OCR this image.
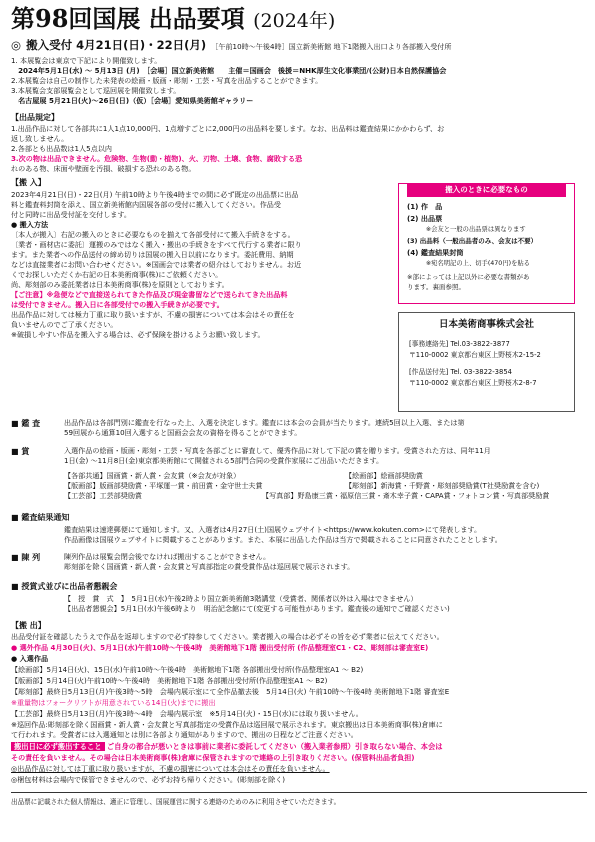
第98回国展 出品要項 (2024年)
◎ 搬入受付 4月21日(日)・22日(月) ［午前10時～午後4時］国立新美術館 地下1階搬入出口より各部搬入受付所
1. 本展覧会は東京で下記により開催致します。
　2024年5月1日(水) ～ 5月13日 (月)　［会場］国立新美術館　　主催＝国画会　後援＝NHK厚生文化事業団/(公財)日本自然保護協会
2.本展覧会は自己の制作した未発表の絵画・版画・彫刻・工芸・写真を出品することができます。
3.本展覧会支部展覧会として巡回展を開催致します。
　名古屋展 5月21日(火)～26日(日)（仮）［会場］愛知県美術館ギャラリー
【出品規定】
1.出品作品に対して各部共に1人1点10,000円、1点増すごとに2,000円の出品料を要します。なお、出品料は鑑査結果にかかわらず、お
返し致しません。
2.各部とも出品数は1人5点以内
3.次の物は出品できません。危険物、生物(動・植物)、火、刃物、土壌、食物、腐敗する恐
れのある物、床面や壁面を汚損、破損する恐れのある物。
【搬 入】
2023年4月21日(日)・22日(月) 午前10時より午後4時までの間に必ず既定の出品票に出品
料と鑑査料封筒を添え、国立新美術館内国展各部の受付に搬入してください。作品受
付と同時に出品受付証を交付します。
● 搬入方法
〔本人が搬入〕右記の搬入のときに必要なものを揃えて各部受付にて搬入手続きをする。
〔業者・画材店に委託〕運搬のみではなく搬入・搬出の手続きをすべて代行する業者に限り
ます。また業者への作品送付の締め切りは国展の搬入日以前になります。委託費用、納期
などは直接業者にお問い合わせください。※国画会では業者の紹介はしておりません。お近
くでお探しいただくか右記の日本美術商事(株)にご依頼ください。
尚、彫刻部のみ委託業者は日本美術商事(株)を原則としております。
【ご注意】※急便などで直接送られてきた作品及び現金書留などで送られてきた出品料
は受付できません。搬入日に各部受付での搬入手続きが必要です。
出品作品に対しては極力丁重に取り扱いますが、不慮の損害については本会はその責任を
負いませんのでご了承ください。
※破損しやすい作品を搬入する場合は、必ず保険を掛けるようお願い致します。
搬入のときに必要なもの
(1) 作　品
(2) 出品票
　　　※会友と一般の出品票は異なります
(3) 出品料（一般出品者のみ、会友は不要）
(4) 鑑査結果封筒
　　　※宛名明記の上、切手(470円)を貼る
※部によっては上記以外に必要な書類があ
ります。裏面参照。
日本美術商事株式会社
[事務連絡先] Tel.03-3822-3877
〒110-0002 東京都台東区上野桜木2-15-2
[作品送付先] Tel. 03-3822-3854
〒110-0002 東京都台東区上野桜木2-8-7
■ 鑑 査	出品作品は各部門別に鑑査を行なった上、入選を決定します。鑑査には本会の会員が当たります。連続5回以上入選、または第
59回展から通算10回入選すると国画会会友の資格を得ることができます。
■ 賞	入選作品の絵画・版画・彫刻・工芸・写真を各部ごとに審査して、優秀作品に対して下記の賞を贈ります。受賞された方は、同年11月
1日(金) ～11月8日(金)東京都美術館にて開催される5部門合同の受賞作家展にご出品いただきます。
【各部共通】国画賞・新人賞・会友賞（※会友が対象）	【絵画部】絵画部奨励賞
【版画部】版画部奨励賞・平塚運一賞・前田賞・金守世士夫賞	【彫刻部】新海賞・千野賞・彫刻部奨励賞(T社奨励賞を含む)
【工芸部】工芸部奨励賞	【写真部】野島康三賞・福原信三賞・斎木幸子賞・CAPA賞・フォトコン賞・写真部奨励賞
■ 鑑査結果通知
鑑査結果は速達郵便にて通知します。又、入選者は4月27日(土)国展ウェブサイト<https://www.kokuten.com>にて発表します。
作品画像は国展ウェブサイトに掲載することがあります。また、本展に出品した作品は当方で掲載されることに同意されたこととします。
■ 陳 列	陳列作品は展覧会閉会後でなければ搬出することができません。
彫刻部を除く国画賞・新人賞・会友賞と写真部指定の賞受賞作品は巡回展で展示されます。
■ 授賞式並びに出品者懇親会
【　授　賞　式　】　5月1日(水)午後2時より国立新美術館3階講堂（受賞者、関係者以外は入場はできません）
【出品者懇親会】5月1日(水)午後6時より　明治記念館にて(変更する可能性があります。鑑査後の通知でご確認ください)
【搬 出】
出品受付証を確認したうえで作品を返却しますので必ず持参してください。業者搬入の場合は必ずその旨を必ず業者に伝えてください。
● 選外作品 4月30日(火)、5月1日(水)午前10時～午後4時　美術館地下1階 搬出受付所 (作品整理室C1・C2、彫刻部は審査室E)
● 入選作品
【絵画部】5月14日(火)、15日(水)午前10時～午後4時　美術館地下1階 各部搬出受付所(作品整理室A1 ～ B2)
【版画部】5月14日(火)午前10時～午後4時　美術館地下1階 各部搬出受付所(作品整理室A1 ～ B2)
【彫刻部】最終日5月13日(月)午後3時～5時　会場内展示室にて全作品撤去後　5月14日(火) 午前10時～午後4時 美術館地下1階 審査室E
※重量物はフォークリフトが用意されている14日(火)までに搬出
【工芸部】最終日5月13日(月)午後3時～4時　会場内展示室　※5月14日(火)・15日(水)には取り扱いません。
※巡回作品:彫刻部を除く国画賞・新人賞・会友賞と写真部指定の受賞作品は巡回展で展示されます。東京搬出は日本美術商事(株)倉庫に
て行われます。受賞者には入選通知とは別に各部より通知がありますので、搬出の日程などご注意ください。
搬出日に必ず搬出すること ご自身の都合が悪いときは事前に業者に委託してください（搬入業者参照）引き取らない場合、本会は
その責任を負いません。その場合は日本美術商事(株)倉庫に保管されますので連絡の上引き取りください。(保管料出品者負担)
◎出品作品に対しては丁重に取り扱いますが、不慮の損害については本会はその責任を負いません。
◎梱包材料は会場内で保管できませんので、必ずお持ち帰りください。(彫刻部を除く)
出品票に記載された個人情報は、適正に管理し、国展運営に関する連絡のためのみに利用させていただきます。
